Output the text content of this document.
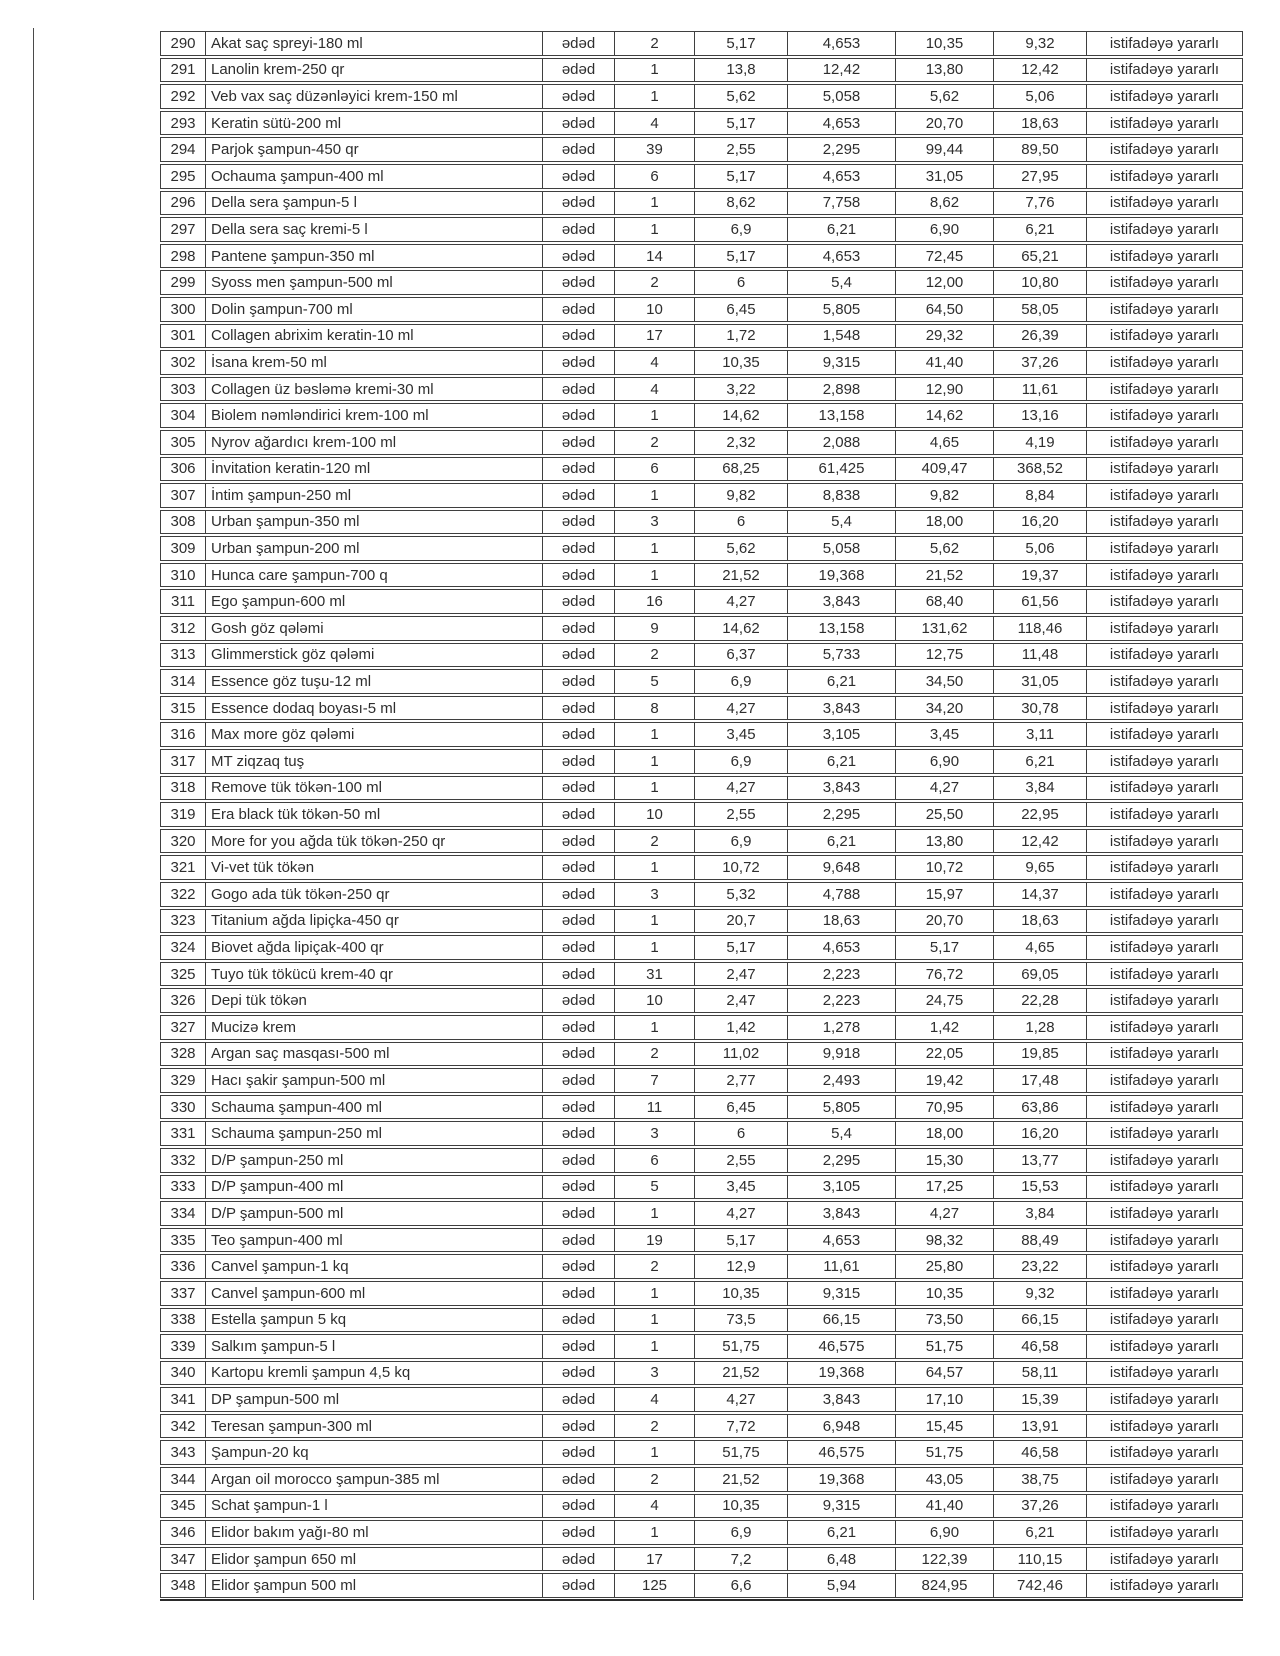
290	Akat saç spreyi-180 ml	ədəd	2	5,17	4,653	10,35	9,32	istifadəyə yararlı
291	Lanolin krem-250 qr	ədəd	1	13,8	12,42	13,80	12,42	istifadəyə yararlı
292	Veb vax saç düzənləyici krem-150 ml	ədəd	1	5,62	5,058	5,62	5,06	istifadəyə yararlı
293	Keratin sütü-200 ml	ədəd	4	5,17	4,653	20,70	18,63	istifadəyə yararlı
294	Parjok şampun-450 qr	ədəd	39	2,55	2,295	99,44	89,50	istifadəyə yararlı
295	Ochauma şampun-400 ml	ədəd	6	5,17	4,653	31,05	27,95	istifadəyə yararlı
296	Della sera şampun-5 l	ədəd	1	8,62	7,758	8,62	7,76	istifadəyə yararlı
297	Della sera saç kremi-5 l	ədəd	1	6,9	6,21	6,90	6,21	istifadəyə yararlı
298	Pantene şampun-350 ml	ədəd	14	5,17	4,653	72,45	65,21	istifadəyə yararlı
299	Syoss men şampun-500 ml	ədəd	2	6	5,4	12,00	10,80	istifadəyə yararlı
300	Dolin şampun-700 ml	ədəd	10	6,45	5,805	64,50	58,05	istifadəyə yararlı
301	Collagen abrixim keratin-10 ml	ədəd	17	1,72	1,548	29,32	26,39	istifadəyə yararlı
302	İsana krem-50 ml	ədəd	4	10,35	9,315	41,40	37,26	istifadəyə yararlı
303	Collagen üz bəsləmə kremi-30 ml	ədəd	4	3,22	2,898	12,90	11,61	istifadəyə yararlı
304	Biolem nəmləndirici krem-100 ml	ədəd	1	14,62	13,158	14,62	13,16	istifadəyə yararlı
305	Nyrov ağardıcı krem-100 ml	ədəd	2	2,32	2,088	4,65	4,19	istifadəyə yararlı
306	İnvitation keratin-120 ml	ədəd	6	68,25	61,425	409,47	368,52	istifadəyə yararlı
307	İntim şampun-250 ml	ədəd	1	9,82	8,838	9,82	8,84	istifadəyə yararlı
308	Urban şampun-350 ml	ədəd	3	6	5,4	18,00	16,20	istifadəyə yararlı
309	Urban şampun-200 ml	ədəd	1	5,62	5,058	5,62	5,06	istifadəyə yararlı
310	Hunca care şampun-700 q	ədəd	1	21,52	19,368	21,52	19,37	istifadəyə yararlı
311	Ego şampun-600 ml	ədəd	16	4,27	3,843	68,40	61,56	istifadəyə yararlı
312	Gosh göz qələmi	ədəd	9	14,62	13,158	131,62	118,46	istifadəyə yararlı
313	Glimmerstick göz qələmi	ədəd	2	6,37	5,733	12,75	11,48	istifadəyə yararlı
314	Essence göz tuşu-12 ml	ədəd	5	6,9	6,21	34,50	31,05	istifadəyə yararlı
315	Essence dodaq boyası-5 ml	ədəd	8	4,27	3,843	34,20	30,78	istifadəyə yararlı
316	Max more göz qələmi	ədəd	1	3,45	3,105	3,45	3,11	istifadəyə yararlı
317	MT ziqzaq tuş	ədəd	1	6,9	6,21	6,90	6,21	istifadəyə yararlı
318	Remove tük tökən-100 ml	ədəd	1	4,27	3,843	4,27	3,84	istifadəyə yararlı
319	Era black tük tökən-50 ml	ədəd	10	2,55	2,295	25,50	22,95	istifadəyə yararlı
320	More for you ağda tük tökən-250 qr	ədəd	2	6,9	6,21	13,80	12,42	istifadəyə yararlı
321	Vi-vet tük tökən	ədəd	1	10,72	9,648	10,72	9,65	istifadəyə yararlı
322	Gogo ada tük tökən-250 qr	ədəd	3	5,32	4,788	15,97	14,37	istifadəyə yararlı
323	Titanium ağda lipiçka-450 qr	ədəd	1	20,7	18,63	20,70	18,63	istifadəyə yararlı
324	Biovet ağda lipiçak-400 qr	ədəd	1	5,17	4,653	5,17	4,65	istifadəyə yararlı
325	Tuyo tük tökücü krem-40 qr	ədəd	31	2,47	2,223	76,72	69,05	istifadəyə yararlı
326	Depi tük tökən	ədəd	10	2,47	2,223	24,75	22,28	istifadəyə yararlı
327	Mucizə krem	ədəd	1	1,42	1,278	1,42	1,28	istifadəyə yararlı
328	Argan saç masqası-500 ml	ədəd	2	11,02	9,918	22,05	19,85	istifadəyə yararlı
329	Hacı şakir şampun-500 ml	ədəd	7	2,77	2,493	19,42	17,48	istifadəyə yararlı
330	Schauma şampun-400 ml	ədəd	11	6,45	5,805	70,95	63,86	istifadəyə yararlı
331	Schauma şampun-250 ml	ədəd	3	6	5,4	18,00	16,20	istifadəyə yararlı
332	D/P şampun-250 ml	ədəd	6	2,55	2,295	15,30	13,77	istifadəyə yararlı
333	D/P şampun-400 ml	ədəd	5	3,45	3,105	17,25	15,53	istifadəyə yararlı
334	D/P şampun-500 ml	ədəd	1	4,27	3,843	4,27	3,84	istifadəyə yararlı
335	Teo şampun-400 ml	ədəd	19	5,17	4,653	98,32	88,49	istifadəyə yararlı
336	Canvel şampun-1 kq	ədəd	2	12,9	11,61	25,80	23,22	istifadəyə yararlı
337	Canvel şampun-600 ml	ədəd	1	10,35	9,315	10,35	9,32	istifadəyə yararlı
338	Estella şampun 5 kq	ədəd	1	73,5	66,15	73,50	66,15	istifadəyə yararlı
339	Salkım şampun-5 l	ədəd	1	51,75	46,575	51,75	46,58	istifadəyə yararlı
340	Kartopu kremli şampun 4,5 kq	ədəd	3	21,52	19,368	64,57	58,11	istifadəyə yararlı
341	DP şampun-500 ml	ədəd	4	4,27	3,843	17,10	15,39	istifadəyə yararlı
342	Teresan şampun-300 ml	ədəd	2	7,72	6,948	15,45	13,91	istifadəyə yararlı
343	Şampun-20 kq	ədəd	1	51,75	46,575	51,75	46,58	istifadəyə yararlı
344	Argan oil morocco şampun-385 ml	ədəd	2	21,52	19,368	43,05	38,75	istifadəyə yararlı
345	Schat şampun-1 l	ədəd	4	10,35	9,315	41,40	37,26	istifadəyə yararlı
346	Elidor bakım yağı-80 ml	ədəd	1	6,9	6,21	6,90	6,21	istifadəyə yararlı
347	Elidor şampun 650 ml	ədəd	17	7,2	6,48	122,39	110,15	istifadəyə yararlı
348	Elidor şampun 500 ml	ədəd	125	6,6	5,94	824,95	742,46	istifadəyə yararlı
